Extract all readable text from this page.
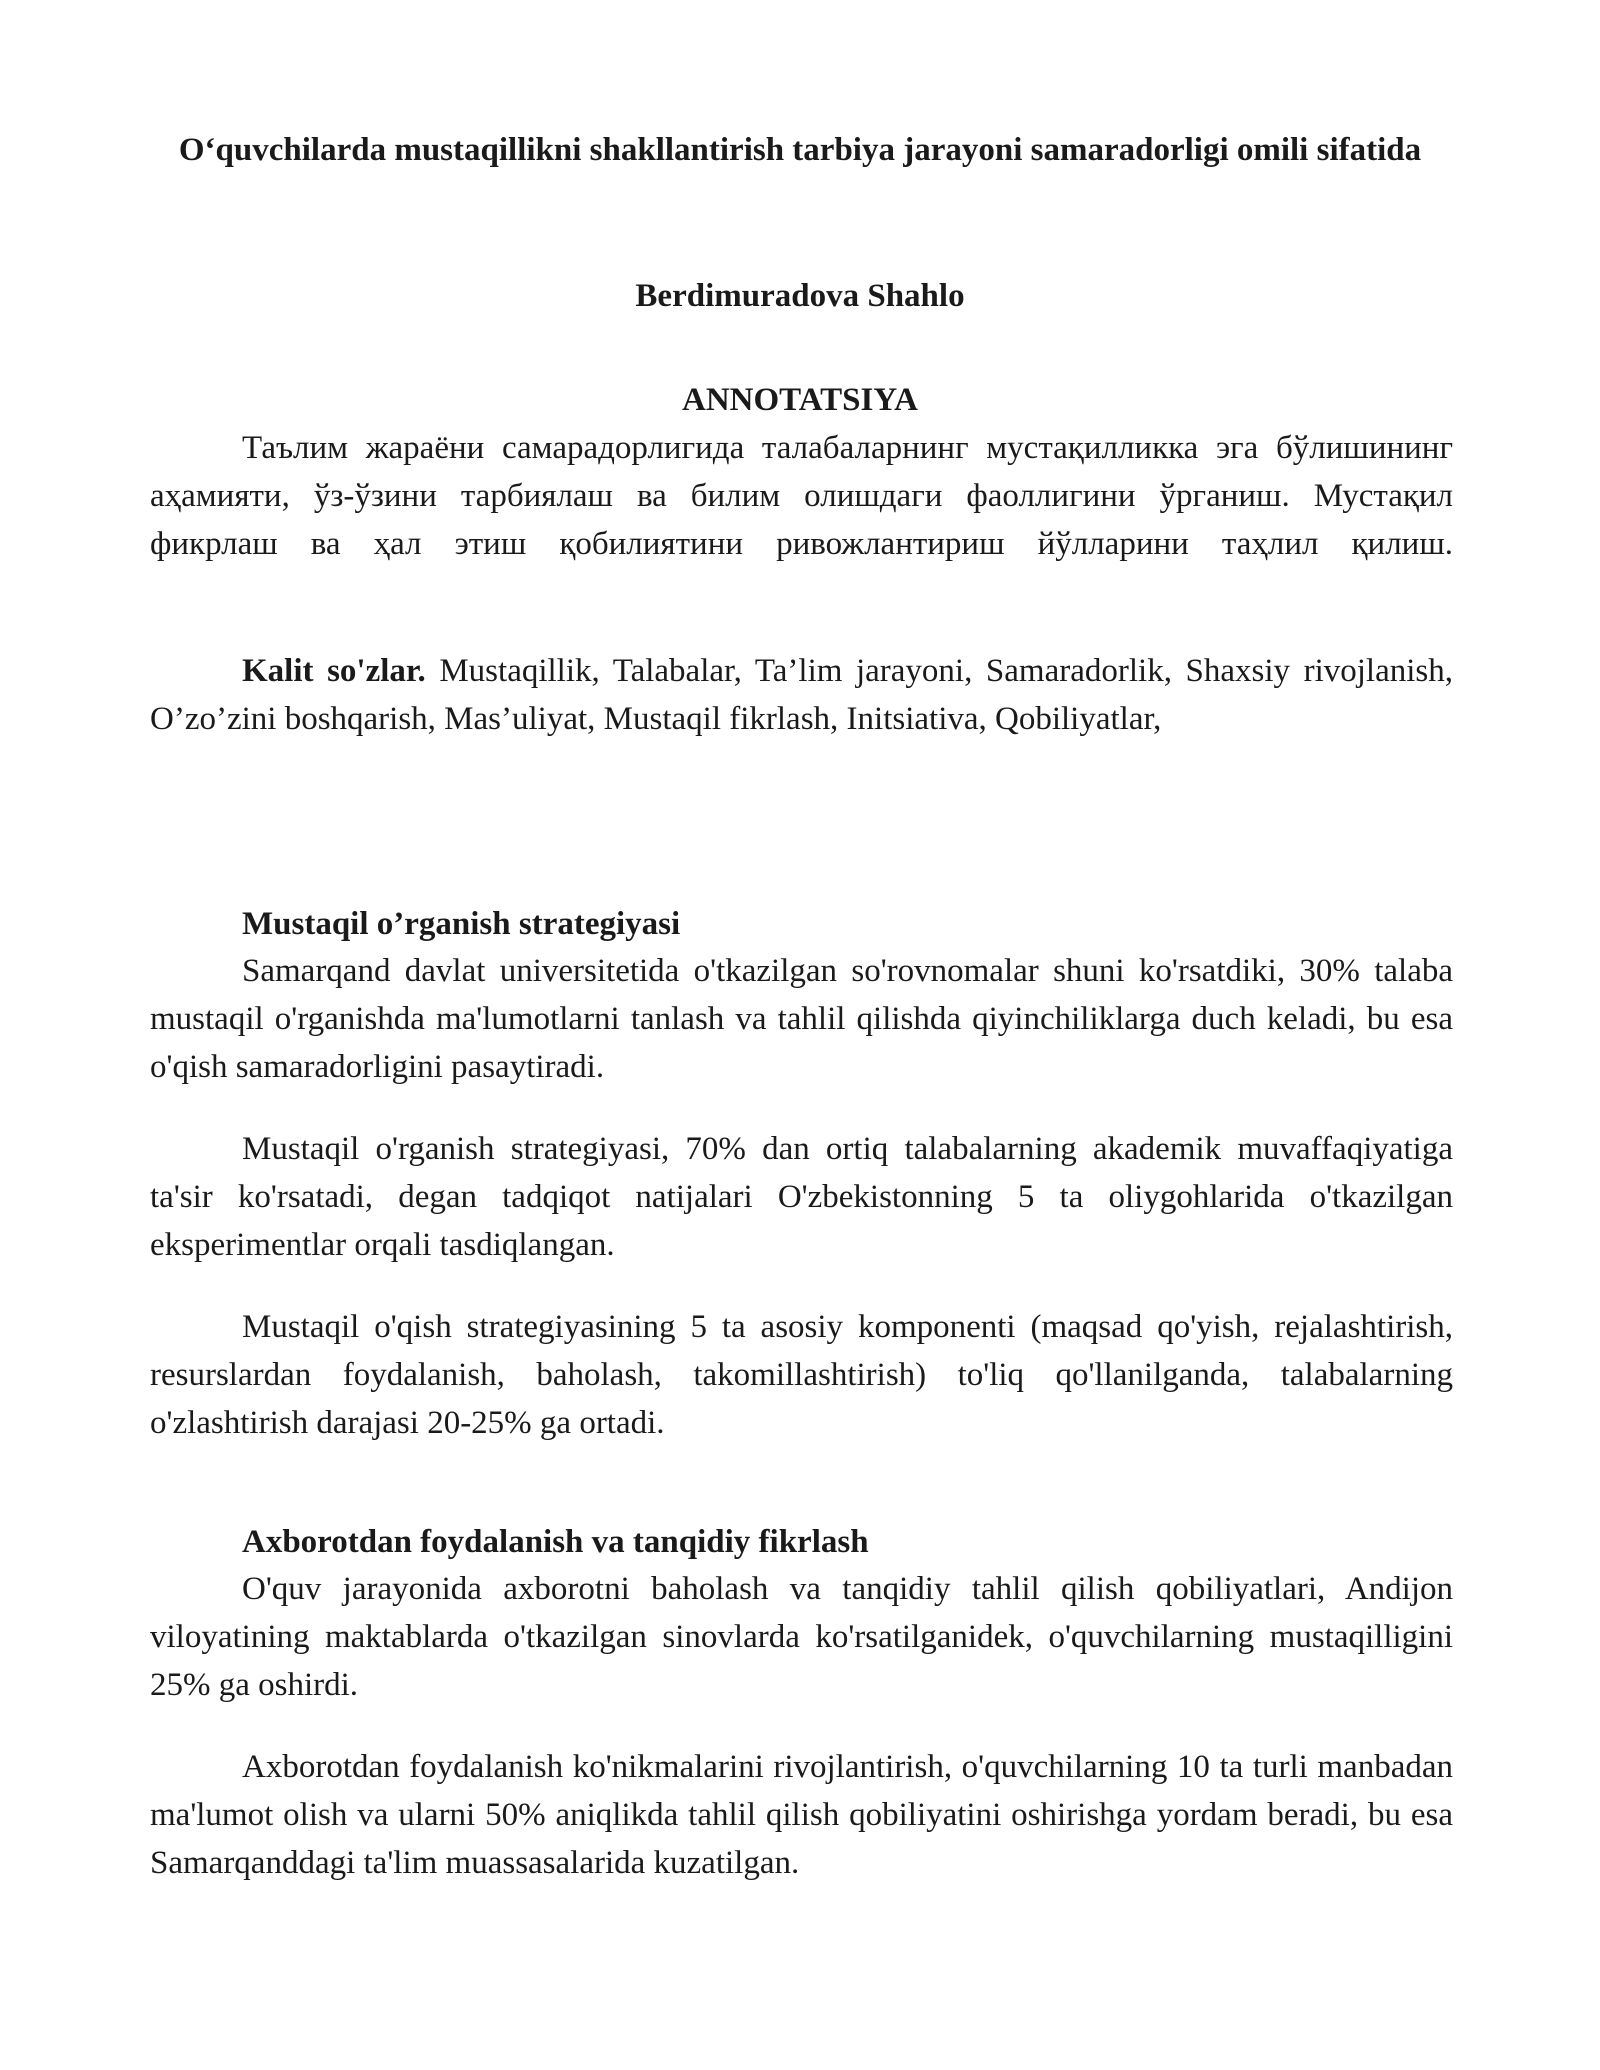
O‘quvchilarda mustaqillikni shakllantirish tarbiya jarayoni samaradorligi omili sifatida
Berdimuradova Shahlo
ANNOTATSIYA
Таълим жараёни самарадорлигида талабаларнинг мустақилликка эга бўлишининг аҳамияти, ўз-ўзини тарбиялаш ва билим олишдаги фаоллигини ўрганиш. Мустақил фикрлаш ва ҳал этиш қобилиятини ривожлантириш йўлларини таҳлил қилиш.
Kalit so'zlar. Mustaqillik, Talabalar, Ta’lim jarayoni, Samaradorlik, Shaxsiy rivojlanish, O’zo’zini boshqarish, Mas’uliyat, Mustaqil fikrlash, Initsiativa, Qobiliyatlar,
Mustaqil o’rganish strategiyasi
Samarqand davlat universitetida o'tkazilgan so'rovnomalar shuni ko'rsatdiki, 30% talaba mustaqil o'rganishda ma'lumotlarni tanlash va tahlil qilishda qiyinchiliklarga duch keladi, bu esa o'qish samaradorligini pasaytiradi.
Mustaqil o'rganish strategiyasi, 70% dan ortiq talabalarning akademik muvaffaqiyatiga ta'sir ko'rsatadi, degan tadqiqot natijalari O'zbekistonning 5 ta oliygohlarida o'tkazilgan eksperimentlar orqali tasdiqlangan.
Mustaqil o'qish strategiyasining 5 ta asosiy komponenti (maqsad qo'yish, rejalashtirish, resurslardan foydalanish, baholash, takomillashtirish) to'liq qo'llanilganda, talabalarning o'zlashtirish darajasi 20-25% ga ortadi.
Axborotdan foydalanish va tanqidiy fikrlash
O'quv jarayonida axborotni baholash va tanqidiy tahlil qilish qobiliyatlari, Andijon viloyatining maktablarda o'tkazilgan sinovlarda ko'rsatilganidek, o'quvchilarning mustaqilligini 25% ga oshirdi.
Axborotdan foydalanish ko'nikmalarini rivojlantirish, o'quvchilarning 10 ta turli manbadan ma'lumot olish va ularni 50% aniqlikda tahlil qilish qobiliyatini oshirishga yordam beradi, bu esa Samarqanddagi ta'lim muassasalarida kuzatilgan.
